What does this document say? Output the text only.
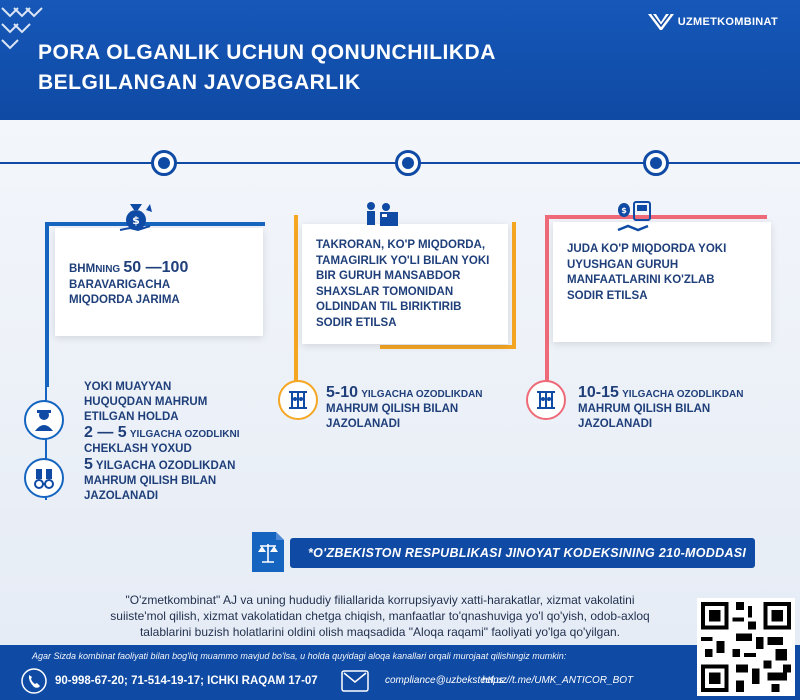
PORA OLGANLIK UCHUN QONUNCHILIKDA
BELGILANGAN JAVOBGARLIK
UZMETKOMBINAT
BHMNING 50 —100
BARAVARIGACHA
MIQDORDA JARIMA
$
YOKI MUAYYAN
HUQUQDAN MAHRUM
ETILGAN HOLDA
2 — 5 YILGACHA OZODLIKNI
CHEKLASH YOXUD
5 YILGACHA OZODLIKDAN
MAHRUM QILISH BILAN
JAZOLANADI
TAKRORAN, KO'P MIQDORDA,
TAMAGIRLIK YO'LI BILAN YOKI
BIR GURUH MANSABDOR
SHAXSLAR TOMONIDAN
OLDINDAN TIL BIRIKTIRIB
SODIR ETILSA
5-10 YILGACHA OZODLIKDAN
MAHRUM QILISH BILAN
JAZOLANADI
JUDA KO'P MIQDORDA YOKI
UYUSHGAN GURUH
MANFAATLARINI KO'ZLAB
SODIR ETILSA
$
10-15 YILGACHA OZODLIKDAN
MAHRUM QILISH BILAN
JAZOLANADI
*O'ZBEKISTON RESPUBLIKASI JINOYAT KODEKSINING 210-MODDASI
"O'zmetkombinat" AJ va uning hududiy filiallarida korrupsiyaviy xatti-harakatlar, xizmat vakolatini
suiiste'mol qilish, xizmat vakolatidan chetga chiqish, manfaatlar to'qnashuviga yo'l qo'yish, odob-axloq
talablarini buzish holatlarini oldini olish maqsadida "Aloqa raqami" faoliyati yo'lga qo'yilgan.
Agar Sizda kombinat faoliyati bilan bog'liq muammo mavjud bo'lsa, u holda quyidagi aloqa kanallari orqali murojaat qilishingiz mumkin:
90-998-67-20; 71-514-19-17; ICHKI RAQAM 17-07	compliance@uzbeksteel.uz
https://t.me/UMK_ANTICOR_BOT
